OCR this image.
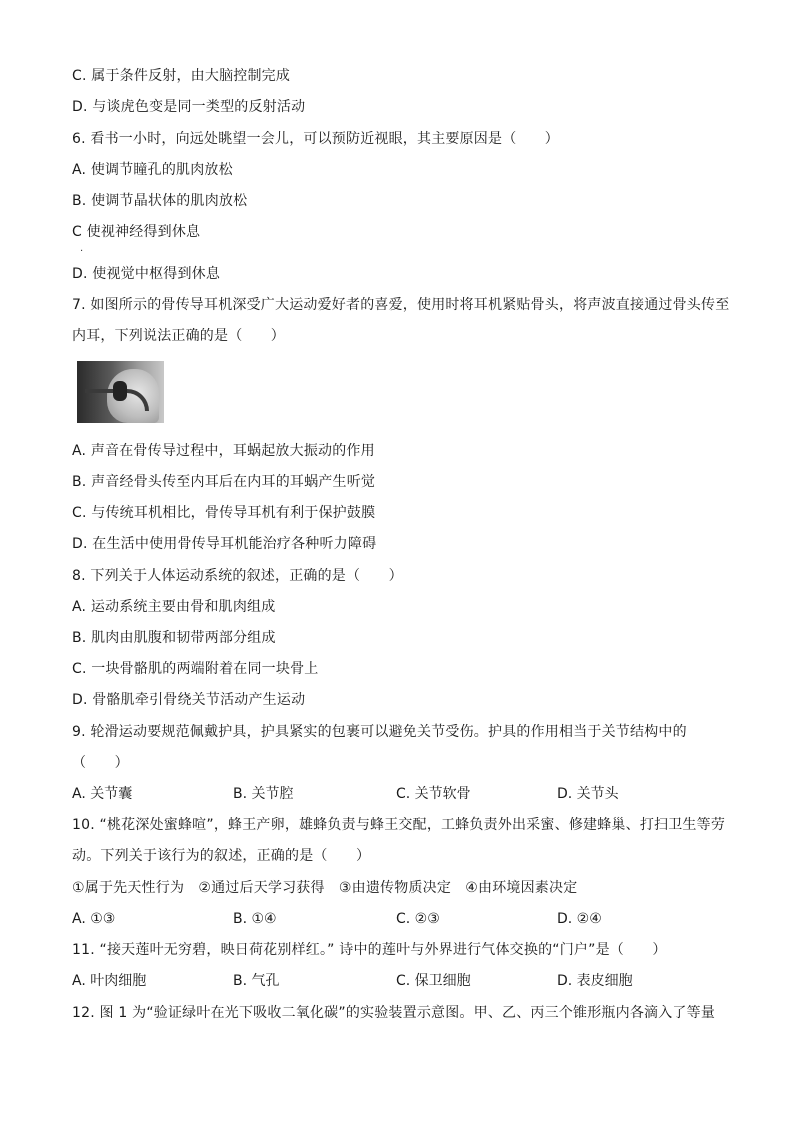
C. 属于条件反射，由大脑控制完成
D. 与谈虎色变是同一类型的反射活动
6. 看书一小时，向远处眺望一会儿，可以预防近视眼，其主要原因是（　　）
A. 使调节瞳孔的肌肉放松
B. 使调节晶状体的肌肉放松
C 使视神经得到休息
.
D. 使视觉中枢得到休息
7. 如图所示的骨传导耳机深受广大运动爱好者的喜爱，使用时将耳机紧贴骨头，将声波直接通过骨头传至
内耳，下列说法正确的是（　　）
A. 声音在骨传导过程中，耳蜗起放大振动的作用
B. 声音经骨头传至内耳后在内耳的耳蜗产生听觉
C. 与传统耳机相比，骨传导耳机有利于保护鼓膜
D. 在生活中使用骨传导耳机能治疗各种听力障碍
8. 下列关于人体运动系统的叙述，正确的是（　　）
A. 运动系统主要由骨和肌肉组成
B. 肌肉由肌腹和韧带两部分组成
C. 一块骨骼肌的两端附着在同一块骨上
D. 骨骼肌牵引骨绕关节活动产生运动
9. 轮滑运动要规范佩戴护具，护具紧实的包裹可以避免关节受伤。护具的作用相当于关节结构中的
（　　）
A. 关节囊	B. 关节腔	C. 关节软骨	D. 关节头
10. “桃花深处蜜蜂喧”，蜂王产卵，雄蜂负责与蜂王交配，工蜂负责外出采蜜、修建蜂巢、打扫卫生等劳
动。下列关于该行为的叙述，正确的是（　　）
①属于先天性行为　②通过后天学习获得　③由遗传物质决定　④由环境因素决定
A. ①③	B. ①④	C. ②③	D. ②④
11. “接天莲叶无穷碧，映日荷花别样红。” 诗中的莲叶与外界进行气体交换的“门户”是（　　）
A. 叶肉细胞	B. 气孔	C. 保卫细胞	D. 表皮细胞
12. 图 1 为“验证绿叶在光下吸收二氧化碳”的实验装置示意图。甲、乙、丙三个锥形瓶内各滴入了等量
